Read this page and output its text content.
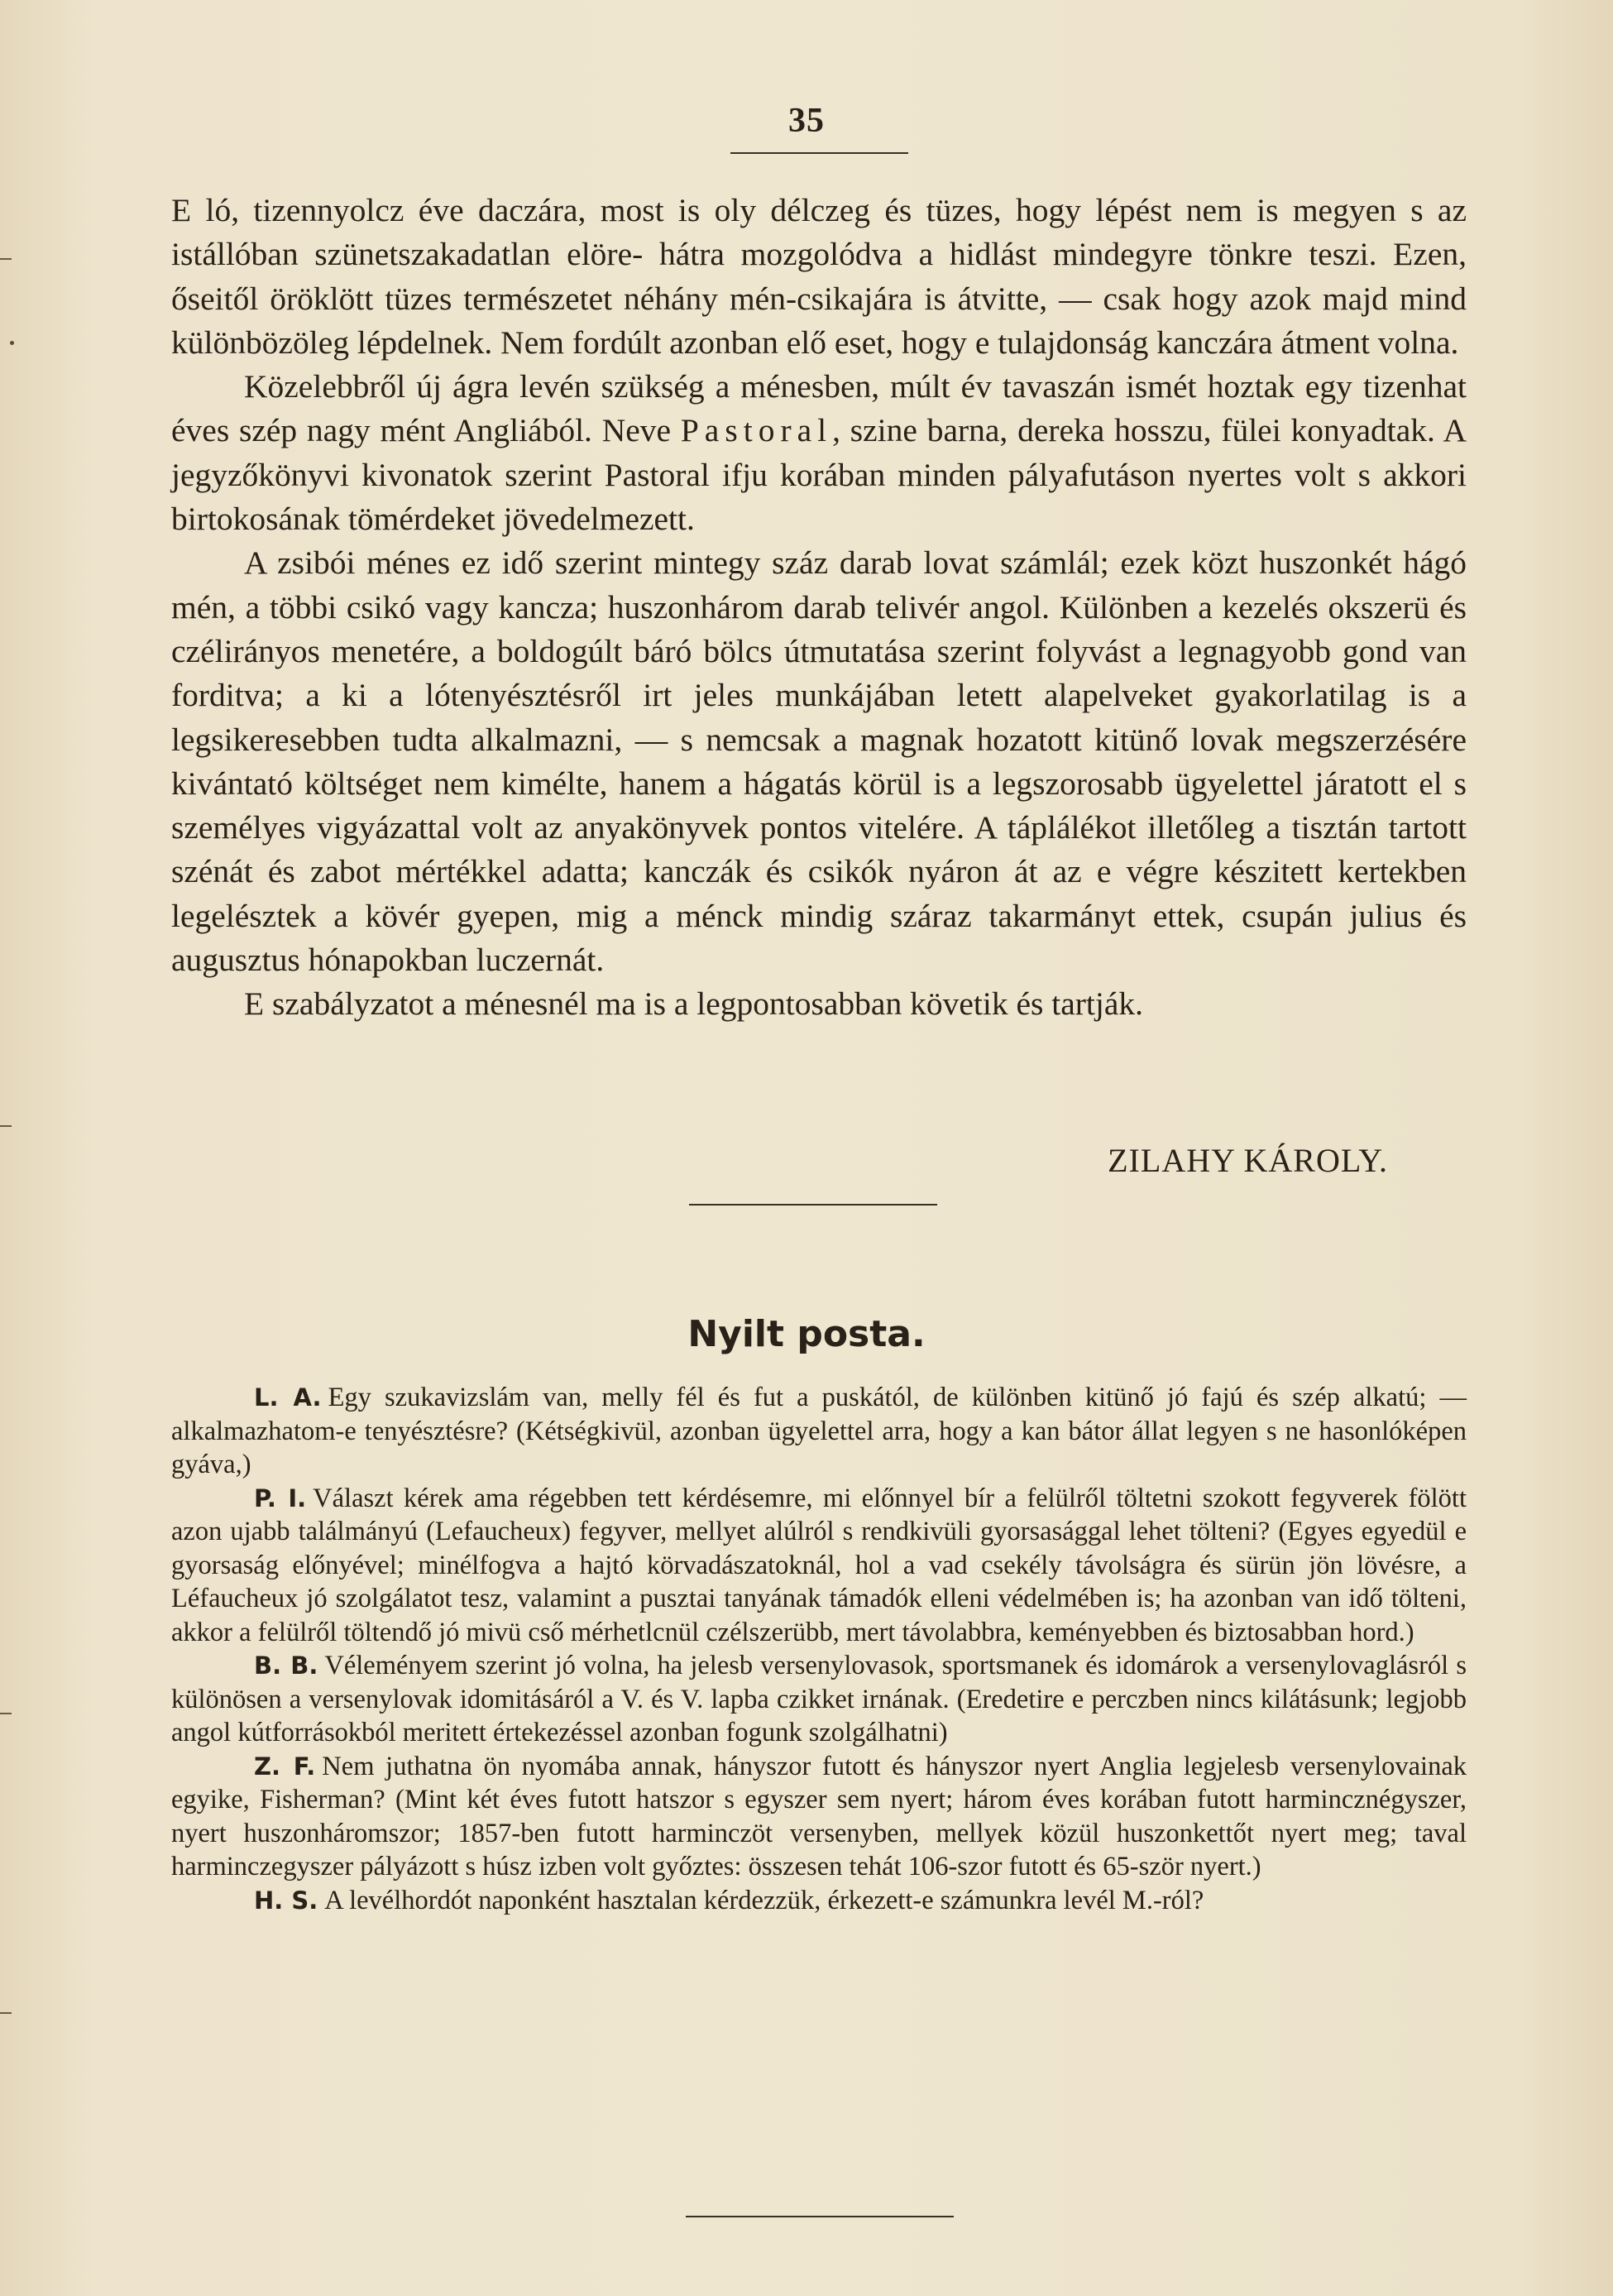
35

E ló, tizennyolcz éve daczára, most is oly délczeg és tüzes, hogy lépést nem is megyen s az istállóban szünetszakadatlan elöre- hátra mozgolódva a hidlást mindegyre tönkre teszi. Ezen, őseitől öröklött tüzes természetet néhány mén-csikajára is átvitte, — csak hogy azok majd mind különbözöleg lépdelnek. Nem fordúlt azonban elő eset, hogy e tulajdonság kanczára átment volna.

Közelebbről új ágra levén szükség a ménesben, múlt év tavaszán ismét hoztak egy tizenhat éves szép nagy mént Angliából. Neve Pastoral, szine barna, dereka hosszu, fülei konyadtak. A jegyzőkönyvi kivonatok szerint Pastoral ifju korában minden pályafutáson nyertes volt s akkori birtokosának tömérdeket jövedelmezett.

A zsibói ménes ez idő szerint mintegy száz darab lovat számlál; ezek közt huszonkét hágó mén, a többi csikó vagy kancza; huszonhárom darab telivér angol. Különben a kezelés okszerü és czélirányos menetére, a boldogúlt báró bölcs útmutatása szerint folyvást a legnagyobb gond van forditva; a ki a lótenyésztésről irt jeles munkájában letett alapelveket gyakorlatilag is a legsikeresebben tudta alkalmazni, — s nemcsak a magnak hozatott kitünő lovak megszerzésére kivántató költséget nem kimélte, hanem a hágatás körül is a legszorosabb ügyelettel járatott el s személyes vigyázattal volt az anyakönyvek pontos vitelére. A táplálékot illetőleg a tisztán tartott szénát és zabot mértékkel adatta; kanczák és csikók nyáron át az e végre készitett kertekben legelésztek a kövér gyepen, mig a ménck mindig száraz takarmányt ettek, csupán julius és augusztus hónapokban luczernát.

E szabályzatot a ménesnél ma is a legpontosabban követik és tartják.

ZILAHY KÁROLY.
Nyilt posta.

L. A. Egy szukavizslám van, melly fél és fut a puskától, de különben kitünő jó fajú és szép alkatú; — alkalmazhatom-e tenyésztésre? (Kétségkivül, azonban ügyelettel arra, hogy a kan bátor állat legyen s ne hasonlóképen gyáva,)

P. I. Választ kérek ama régebben tett kérdésemre, mi előnnyel bír a felülről töltetni szokott fegyverek fölött azon ujabb találmányú (Lefaucheux) fegyver, mellyet alúlról s rendkivüli gyorsasággal lehet tölteni? (Egyes egyedül e gyorsaság előnyével; minélfogva a hajtó körvadászatoknál, hol a vad csekély távolságra és sürün jön lövésre, a Léfaucheux jó szolgálatot tesz, valamint a pusztai tanyának támadók elleni védelmében is; ha azonban van idő tölteni, akkor a felülről töltendő jó mivü cső mérhetlcnül czélszerübb, mert távolabbra, keményebben és biztosabban hord.)

B. B. Véleményem szerint jó volna, ha jelesb versenylovasok, sportsmanek és idomárok a versenylovaglásról s különösen a versenylovak idomitásáról a V. és V. lapba czikket irnának. (Eredetire e perczben nincs kilátásunk; legjobb angol kútforrásokból meritett értekezéssel azonban fogunk szolgálhatni)

Z. F. Nem juthatna ön nyomába annak, hányszor futott és hányszor nyert Anglia legjelesb versenylovainak egyike, Fisherman? (Mint két éves futott hatszor s egyszer sem nyert; három éves korában futott harmincznégyszer, nyert huszonháromszor; 1857-ben futott harminczöt versenyben, mellyek közül huszonkettőt nyert meg; taval harminczegyszer pályázott s húsz izben volt győztes: összesen tehát 106-szor futott és 65-ször nyert.)

H. S. A levélhordót naponként hasztalan kérdezzük, érkezett-e számunkra levél M.-ról?
